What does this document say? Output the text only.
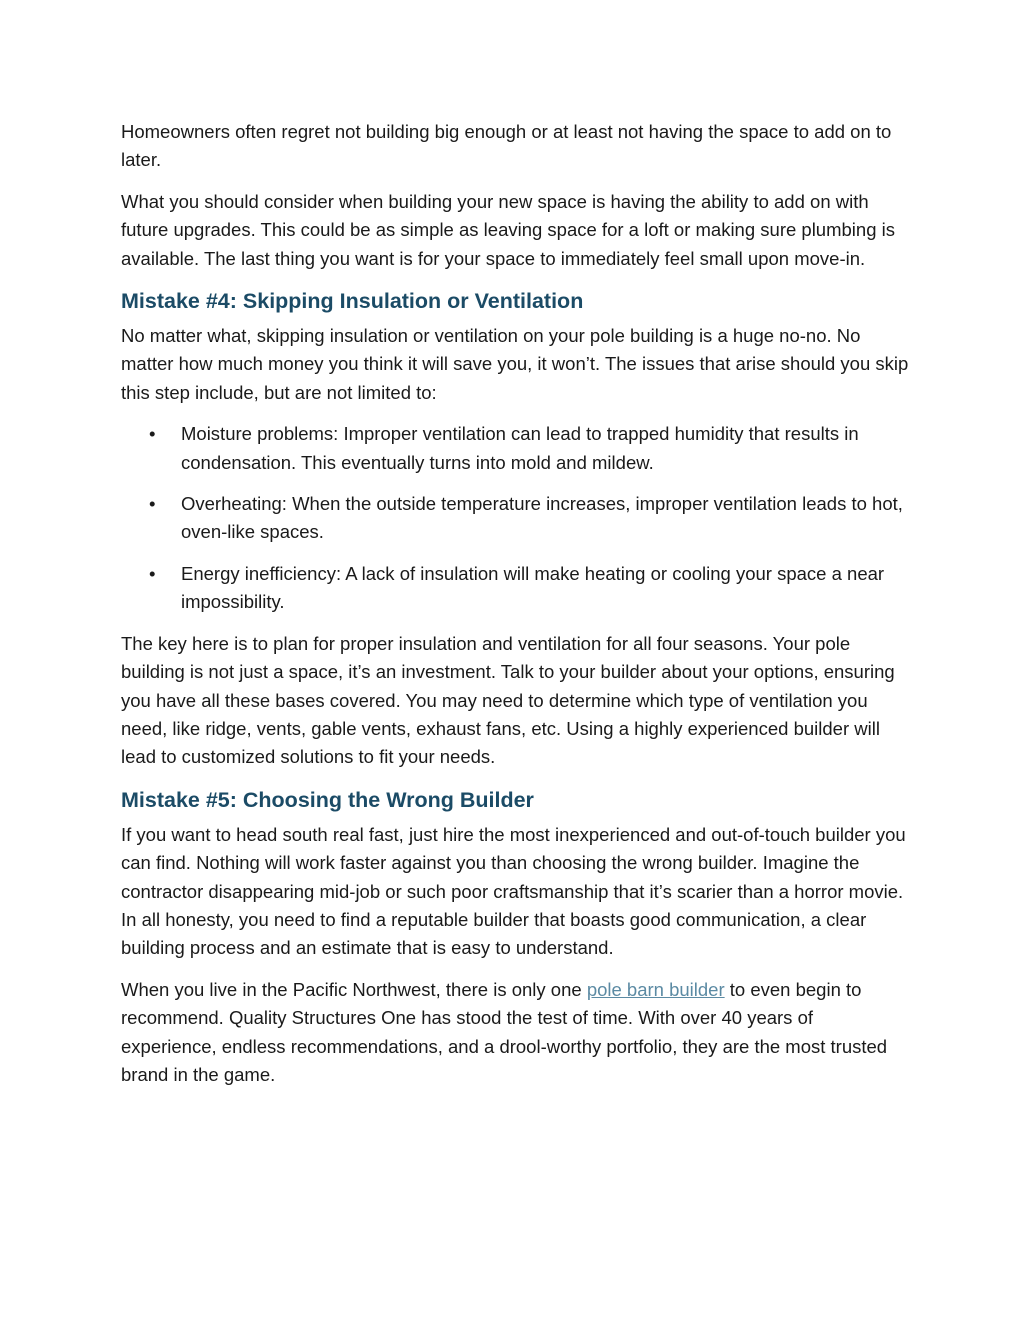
Homeowners often regret not building big enough or at least not having the space to add on to later.

What you should consider when building your new space is having the ability to add on with future upgrades. This could be as simple as leaving space for a loft or making sure plumbing is available. The last thing you want is for your space to immediately feel small upon move-in.

Mistake #4: Skipping Insulation or Ventilation

No matter what, skipping insulation or ventilation on your pole building is a huge no-no. No matter how much money you think it will save you, it won’t. The issues that arise should you skip this step include, but are not limited to:

• Moisture problems: Improper ventilation can lead to trapped humidity that results in condensation. This eventually turns into mold and mildew.
• Overheating: When the outside temperature increases, improper ventilation leads to hot, oven-like spaces.
• Energy inefficiency: A lack of insulation will make heating or cooling your space a near impossibility.

The key here is to plan for proper insulation and ventilation for all four seasons. Your pole building is not just a space, it’s an investment. Talk to your builder about your options, ensuring you have all these bases covered. You may need to determine which type of ventilation you need, like ridge, vents, gable vents, exhaust fans, etc. Using a highly experienced builder will lead to customized solutions to fit your needs.

Mistake #5: Choosing the Wrong Builder

If you want to head south real fast, just hire the most inexperienced and out-of-touch builder you can find. Nothing will work faster against you than choosing the wrong builder. Imagine the contractor disappearing mid-job or such poor craftsmanship that it’s scarier than a horror movie. In all honesty, you need to find a reputable builder that boasts good communication, a clear building process and an estimate that is easy to understand.

When you live in the Pacific Northwest, there is only one pole barn builder to even begin to recommend. Quality Structures One has stood the test of time. With over 40 years of experience, endless recommendations, and a drool-worthy portfolio, they are the most trusted brand in the game.
